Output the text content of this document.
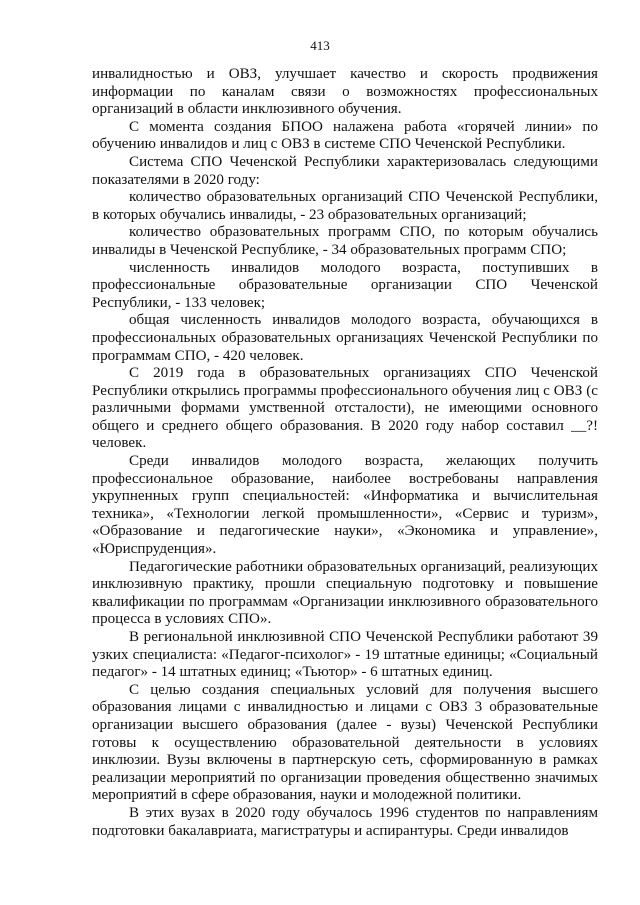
413

инвалидностью и ОВЗ, улучшает качество и скорость продвижения информации по каналам связи о возможностях профессиональных организаций в области инклюзивного обучения.

С момента создания БПОО налажена работа «горячей линии» по обучению инвалидов и лиц с ОВЗ в системе СПО Чеченской Республики.

Система СПО Чеченской Республики характеризовалась следующими показателями в 2020 году:

количество образовательных организаций СПО Чеченской Республики, в которых обучались инвалиды, - 23 образовательных организаций;

количество образовательных программ СПО, по которым обучались инвалиды в Чеченской Республике, - 34 образовательных программ СПО;

численность инвалидов молодого возраста, поступивших в профессиональные образовательные организации СПО Чеченской Республики, - 133 человек;

общая численность инвалидов молодого возраста, обучающихся в профессиональных образовательных организациях Чеченской Республики по программам СПО, - 420 человек.

С 2019 года в образовательных организациях СПО Чеченской Республики открылись программы профессионального обучения лиц с ОВЗ (с различными формами умственной отсталости), не имеющими основного общего и среднего общего образования. В 2020 году набор составил __?! человек.

Среди инвалидов молодого возраста, желающих получить профессиональное образование, наиболее востребованы направления укрупненных групп специальностей: «Информатика и вычислительная техника», «Технологии легкой промышленности», «Сервис и туризм», «Образование и педагогические науки», «Экономика и управление», «Юриспруденция».

Педагогические работники образовательных организаций, реализующих инклюзивную практику, прошли специальную подготовку и повышение квалификации по программам «Организации инклюзивного образовательного процесса в условиях СПО».

В региональной инклюзивной СПО Чеченской Республики работают 39 узких специалиста: «Педагог-психолог» - 19 штатные единицы; «Социальный педагог» - 14 штатных единиц; «Тьютор» - 6 штатных единиц.

С целью создания специальных условий для получения высшего образования лицами с инвалидностью и лицами с ОВЗ 3 образовательные организации высшего образования (далее - вузы) Чеченской Республики готовы к осуществлению образовательной деятельности в условиях инклюзии. Вузы включены в партнерскую сеть, сформированную в рамках реализации мероприятий по организации проведения общественно значимых мероприятий в сфере образования, науки и молодежной политики.

В этих вузах в 2020 году обучалось 1996 студентов по направлениям подготовки бакалавриата, магистратуры и аспирантуры. Среди инвалидов
